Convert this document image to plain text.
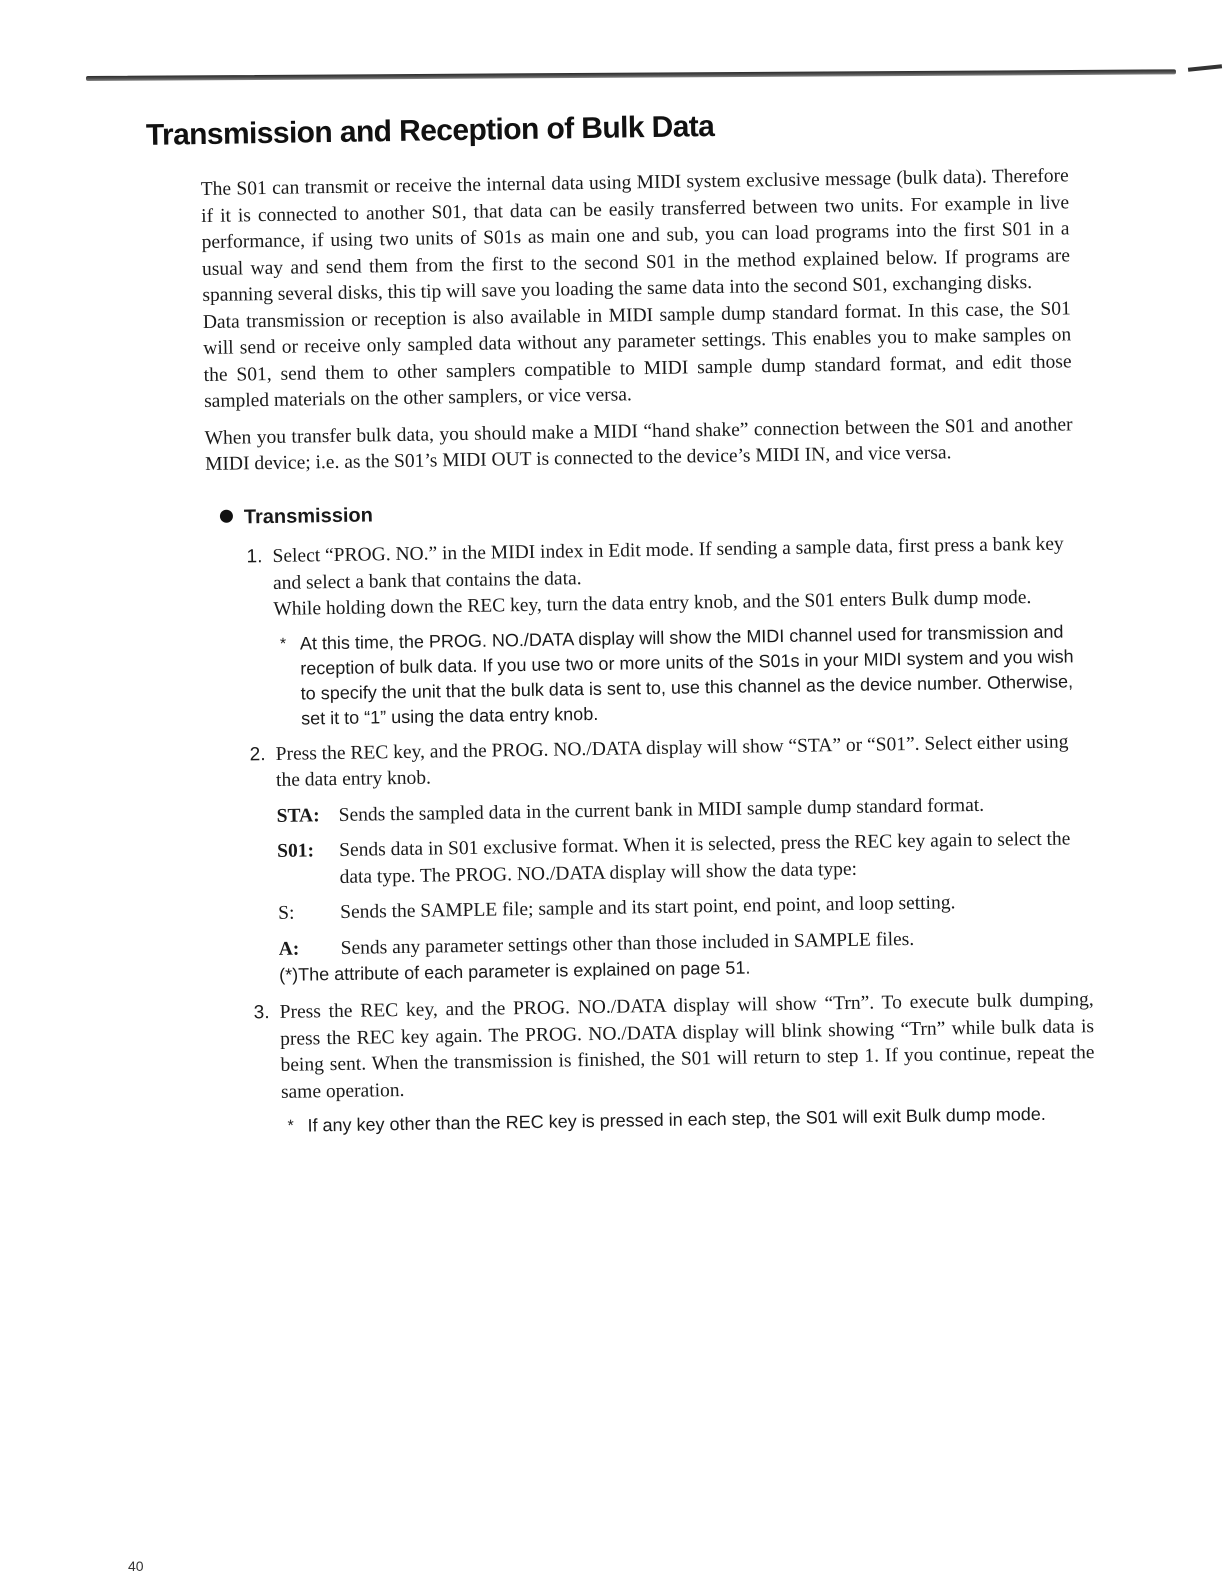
Transmission and Reception of Bulk Data

The S01 can transmit or receive the internal data using MIDI system exclusive message (bulk data). Therefore if it is connected to another S01, that data can be easily transferred between two units. For example in live performance, if using two units of S01s as main one and sub, you can load programs into the first S01 in a usual way and send them from the first to the second S01 in the method explained below. If programs are spanning several disks, this tip will save you loading the same data into the second S01, exchanging disks.

Data transmission or reception is also available in MIDI sample dump standard format. In this case, the S01 will send or receive only sampled data without any parameter settings. This enables you to make samples on the S01, send them to other samplers compatible to MIDI sample dump standard format, and edit those sampled materials on the other samplers, or vice versa.

When you transfer bulk data, you should make a MIDI “hand shake” connection between the S01 and another MIDI device; i.e. as the S01’s MIDI OUT is connected to the device’s MIDI IN, and vice versa.

Transmission
1. Select “PROG. NO.” in the MIDI index in Edit mode. If sending a sample data, first press a bank key and select a bank that contains the data.

While holding down the REC key, turn the data entry knob, and the S01 enters Bulk dump mode.

* At this time, the PROG. NO./DATA display will show the MIDI channel used for transmission and reception of bulk data. If you use two or more units of the S01s in your MIDI system and you wish to specify the unit that the bulk data is sent to, use this channel as the device number. Otherwise, set it to “1” using the data entry knob.
2. Press the REC key, and the PROG. NO./DATA display will show “STA” or “S01”. Select either using the data entry knob.

STA: Sends the sampled data in the current bank in MIDI sample dump standard format.
S01:	Sends data in S01 exclusive format. When it is selected, press the REC key again to select the data type. The PROG. NO./DATA display will show the data type:
S:	Sends the SAMPLE file; sample and its start point, end point, and loop setting.
A:	Sends any parameter settings other than those included in SAMPLE files.

(*)The attribute of each parameter is explained on page 51.

3. Press the REC key, and the PROG. NO./DATA display will show “Trn”. To execute bulk dumping, press the REC key again. The PROG. NO./DATA display will blink showing “Trn” while bulk data is being sent. When the transmission is finished, the S01 will return to step 1. If you continue, repeat the same operation.

* If any key other than the REC key is pressed in each step, the S01 will exit Bulk dump mode.
40
